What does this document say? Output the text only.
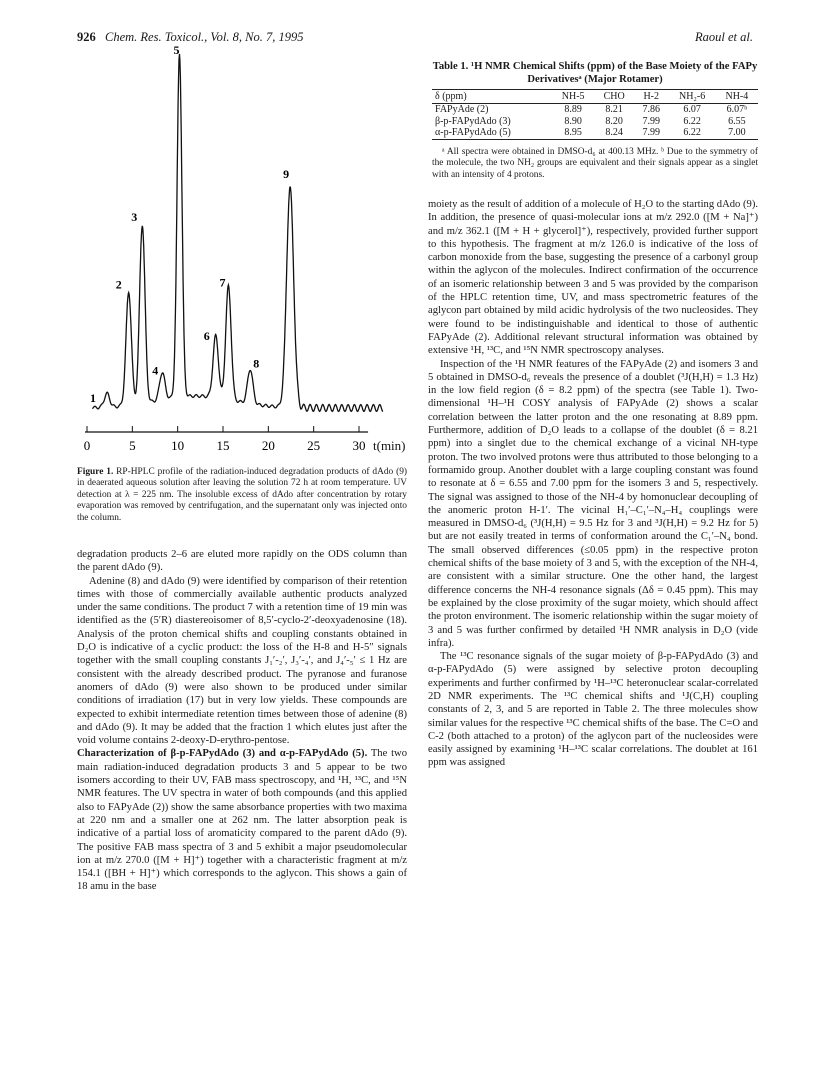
926 Chem. Res. Toxicol., Vol. 8, No. 7, 1995	Raoul et al.
0	5	10 15 20 25 30
1
2
3
4
5
6
7
8
9
t(min)
Figure 1. RP-HPLC profile of the radiation-induced degradation products of dAdo (9) in deaerated aqueous solution after leaving the solution 72 h at room temperature. UV detection at λ = 225 nm. The insoluble excess of dAdo after concentration by rotary evaporation was removed by centrifugation, and the supernatant only was injected onto the column.

degradation products 2–6 are eluted more rapidly on the ODS column than the parent dAdo (9).

Adenine (8) and dAdo (9) were identified by comparison of their retention times with those of commercially available authentic products analyzed under the same conditions. The product 7 with a retention time of 19 min was identified as the (5′R) diastereoisomer of 8,5′-cyclo-2′-deoxyadenosine (18). Analysis of the proton chemical shifts and coupling constants obtained in D₂O is indicative of a cyclic product: the loss of the H-8 and H-5″ signals together with the small coupling constants J₁′-₂′, J₃′-₄′, and J₄′-₅′ ≤ 1 Hz are consistent with the already described product. The pyranose and furanose anomers of dAdo (9) were also shown to be produced under similar conditions of irradiation (17) but in very low yields. These compounds are expected to exhibit intermediate retention times between those of adenine (8) and dAdo (9). It may be added that the fraction 1 which elutes just after the void volume contains 2-deoxy-D-erythro-pentose.

Characterization of β-p-FAPydAdo (3) and α-p-FAPydAdo (5). The two main radiation-induced degradation products 3 and 5 appear to be two isomers according to their UV, FAB mass spectroscopy, and ¹H, ¹³C, and ¹⁵N NMR features. The UV spectra in water of both compounds (and this applied also to FAPyAde (2)) show the same absorbance properties with two maxima at 220 nm and a smaller one at 262 nm. The latter absorption peak is indicative of a partial loss of aromaticity compared to the parent dAdo (9). The positive FAB mass spectra of 3 and 5 exhibit a major pseudomolecular ion at m/z 270.0 ([M + H]⁺) together with a characteristic fragment at m/z 154.1 ([BH + H]⁺) which corresponds to the aglycon. This shows a gain of 18 amu in the base

Table 1. ¹H NMR Chemical Shifts (ppm) of the Base Moiety of the FAPy Derivativesᵃ (Major Rotamer)
δ (ppm)	NH-5	CHO	H-2	NH₂-6	NH-4
FAPyAde (2)	8.89	8.21	7.86	6.07	6.07ᵇ
β-p-FAPydAdo (3)	8.90	8.20	7.99	6.22	6.55
α-p-FAPydAdo (5)	8.95	8.24	7.99	6.22	7.00
ᵃ All spectra were obtained in DMSO-d₆ at 400.13 MHz. ᵇ Due to the symmetry of the molecule, the two NH₂ groups are equivalent and their signals appear as a singlet with an intensity of 4 protons.

moiety as the result of addition of a molecule of H₂O to the starting dAdo (9). In addition, the presence of quasi-molecular ions at m/z 292.0 ([M + Na]⁺) and m/z 362.1 ([M + H + glycerol]⁺), respectively, provided further support to this hypothesis. The fragment at m/z 126.0 is indicative of the loss of carbon monoxide from the base, suggesting the presence of a carbonyl group within the aglycon of the molecules. Indirect confirmation of the occurrence of an isomeric relationship between 3 and 5 was provided by the comparison of the HPLC retention time, UV, and mass spectrometric features of the aglycon part obtained by mild acidic hydrolysis of the two nucleosides. They were found to be indistinguishable and identical to those of authentic FAPyAde (2). Additional relevant structural information was obtained by extensive ¹H, ¹³C, and ¹⁵N NMR spectroscopy analyses.

Inspection of the ¹H NMR features of the FAPyAde (2) and isomers 3 and 5 obtained in DMSO-d₆ reveals the presence of a doublet (³J(H,H) = 1.3 Hz) in the low field region (δ = 8.2 ppm) of the spectra (see Table 1). Two-dimensional ¹H–¹H COSY analysis of FAPyAde (2) shows a scalar correlation between the latter proton and the one resonating at 8.89 ppm. Furthermore, addition of D₂O leads to a collapse of the doublet (δ = 8.21 ppm) into a singlet due to the chemical exchange of a vicinal NH-type proton. The two involved protons were thus attributed to those belonging to a formamido group. Another doublet with a large coupling constant was found to resonate at δ = 6.55 and 7.00 ppm for the isomers 3 and 5, respectively. The signal was assigned to those of the NH-4 by homonuclear decoupling of the anomeric proton H-1′. The vicinal H₁′–C₁′–N₄–H₄ couplings were measured in DMSO-d₆ (³J(H,H) = 9.5 Hz for 3 and ³J(H,H) = 9.2 Hz for 5) but are not easily treated in terms of conformation around the C₁′–N₄ bond. The small observed differences (≤0.05 ppm) in the respective proton chemical shifts of the base moiety of 3 and 5, with the exception of the NH-4, are consistent with a similar structure. One the other hand, the largest difference concerns the NH-4 resonance signals (Δδ = 0.45 ppm). This may be explained by the close proximity of the sugar moiety, which should affect the proton environment. The isomeric relationship within the sugar moiety of 3 and 5 was further confirmed by detailed ¹H NMR analysis in D₂O (vide infra).

The ¹³C resonance signals of the sugar moiety of β-p-FAPydAdo (3) and α-p-FAPydAdo (5) were assigned by selective proton decoupling experiments and further confirmed by ¹H–¹³C heteronuclear scalar-correlated 2D NMR experiments. The ¹³C chemical shifts and ¹J(C,H) coupling constants of 2, 3, and 5 are reported in Table 2. The three molecules show similar values for the respective ¹³C chemical shifts of the base. The C=O and C-2 (both attached to a proton) of the aglycon part of the nucleosides were easily assigned by examining ¹H–¹³C scalar correlations. The doublet at 161 ppm was assigned
